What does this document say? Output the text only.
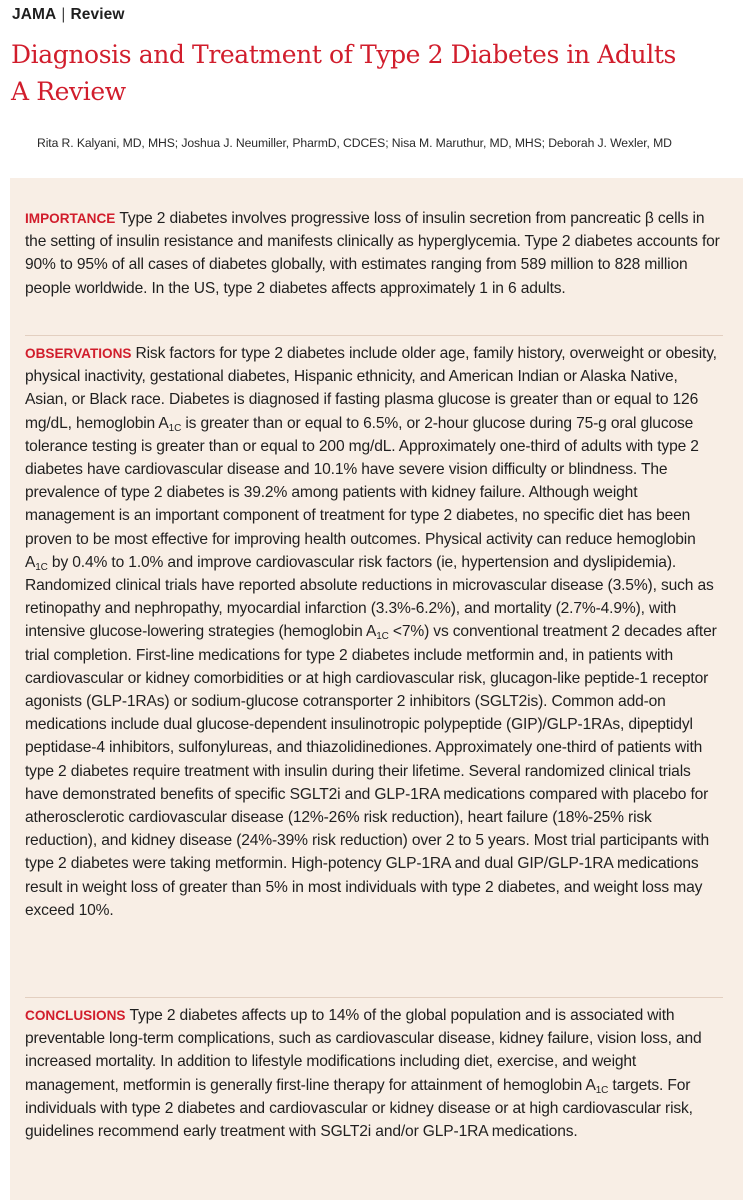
JAMA | Review
Diagnosis and Treatment of Type 2 Diabetes in Adults
A Review
Rita R. Kalyani, MD, MHS; Joshua J. Neumiller, PharmD, CDCES; Nisa M. Maruthur, MD, MHS; Deborah J. Wexler, MD
IMPORTANCE Type 2 diabetes involves progressive loss of insulin secretion from pancreatic β cells in the setting of insulin resistance and manifests clinically as hyperglycemia. Type 2 diabetes accounts for 90% to 95% of all cases of diabetes globally, with estimates ranging from 589 million to 828 million people worldwide. In the US, type 2 diabetes affects approximately 1 in 6 adults.
OBSERVATIONS Risk factors for type 2 diabetes include older age, family history, overweight or obesity, physical inactivity, gestational diabetes, Hispanic ethnicity, and American Indian or Alaska Native, Asian, or Black race. Diabetes is diagnosed if fasting plasma glucose is greater than or equal to 126 mg/dL, hemoglobin $A_{1C}$ is greater than or equal to 6.5%, or 2-hour glucose during 75-g oral glucose tolerance testing is greater than or equal to 200 mg/dL. Approximately one-third of adults with type 2 diabetes have cardiovascular disease and 10.1% have severe vision difficulty or blindness. The prevalence of type 2 diabetes is 39.2% among patients with kidney failure. Although weight management is an important component of treatment for type 2 diabetes, no specific diet has been proven to be most effective for improving health outcomes. Physical activity can reduce hemoglobin $A_{1C}$ by 0.4% to 1.0% and improve cardiovascular risk factors (ie, hypertension and dyslipidemia). Randomized clinical trials have reported absolute reductions in microvascular disease (3.5%), such as retinopathy and nephropathy, myocardial infarction (3.3%-6.2%), and mortality (2.7%-4.9%), with intensive glucose-lowering strategies (hemoglobin $A_{1C} <7\%$) vs conventional treatment 2 decades after trial completion. First-line medications for type 2 diabetes include metformin and, in patients with cardiovascular or kidney comorbidities or at high cardiovascular risk, glucagon-like peptide-1 receptor agonists (GLP-1RAs) or sodium-glucose cotransporter 2 inhibitors (SGLT2is). Common add-on medications include dual glucose-dependent insulinotropic polypeptide (GIP)/GLP-1RAs, dipeptidyl peptidase-4 inhibitors, sulfonylureas, and thiazolidinediones. Approximately one-third of patients with type 2 diabetes require treatment with insulin during their lifetime. Several randomized clinical trials have demonstrated benefits of specific SGLT2i and GLP-1RA medications compared with placebo for atherosclerotic cardiovascular disease (12%-26% risk reduction), heart failure (18%-25% risk reduction), and kidney disease (24%-39% risk reduction) over 2 to 5 years. Most trial participants with type 2 diabetes were taking metformin. High-potency GLP-1RA and dual GIP/GLP-1RA medications result in weight loss of greater than 5% in most individuals with type 2 diabetes, and weight loss may exceed 10%.
CONCLUSIONS Type 2 diabetes affects up to 14% of the global population and is associated with preventable long-term complications, such as cardiovascular disease, kidney failure, vision loss, and increased mortality. In addition to lifestyle modifications including diet, exercise, and weight management, metformin is generally first-line therapy for attainment of hemoglobin $A_{1C}$ targets. For individuals with type 2 diabetes and cardiovascular or kidney disease or at high cardiovascular risk, guidelines recommend early treatment with SGLT2i and/or GLP-1RA medications.
